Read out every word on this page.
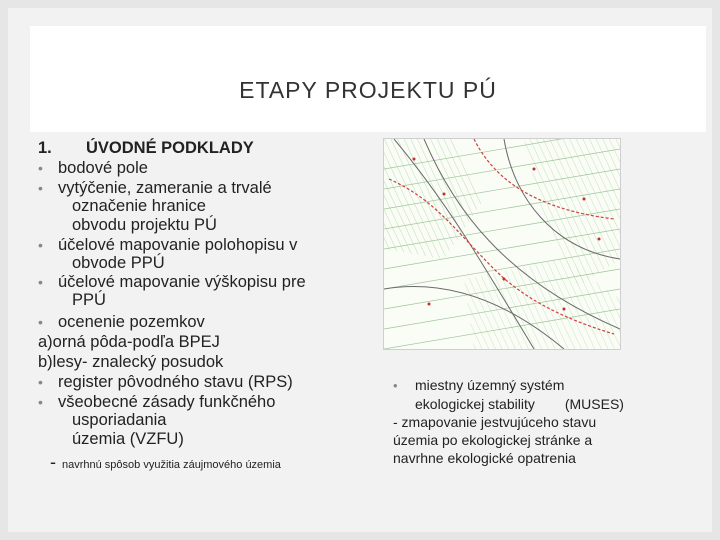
ETAPY PROJEKTU PÚ
1. ÚVODNÉ PODKLADY
• bodové pole
• vytýčenie, zameranie a trvalé
označenie hranice
obvodu projektu PÚ
• účelové mapovanie polohopisu v
obvode PPÚ
• účelové mapovanie výškopisu pre
PPÚ
• ocenenie pozemkov
a)orná pôda-podľa BPEJ
b)lesy- znalecký posudok
• register pôvodného stavu (RPS)
• všeobecné zásady funkčného
usporiadania
územia (VZFU)
- navrhnú spôsob využitia záujmového územia
• miestny územný systém
ekologickej stability (MUSES)
- zmapovanie jestvujúceho stavu
územia po ekologickej stránke a
navrhne ekologické opatrenia
